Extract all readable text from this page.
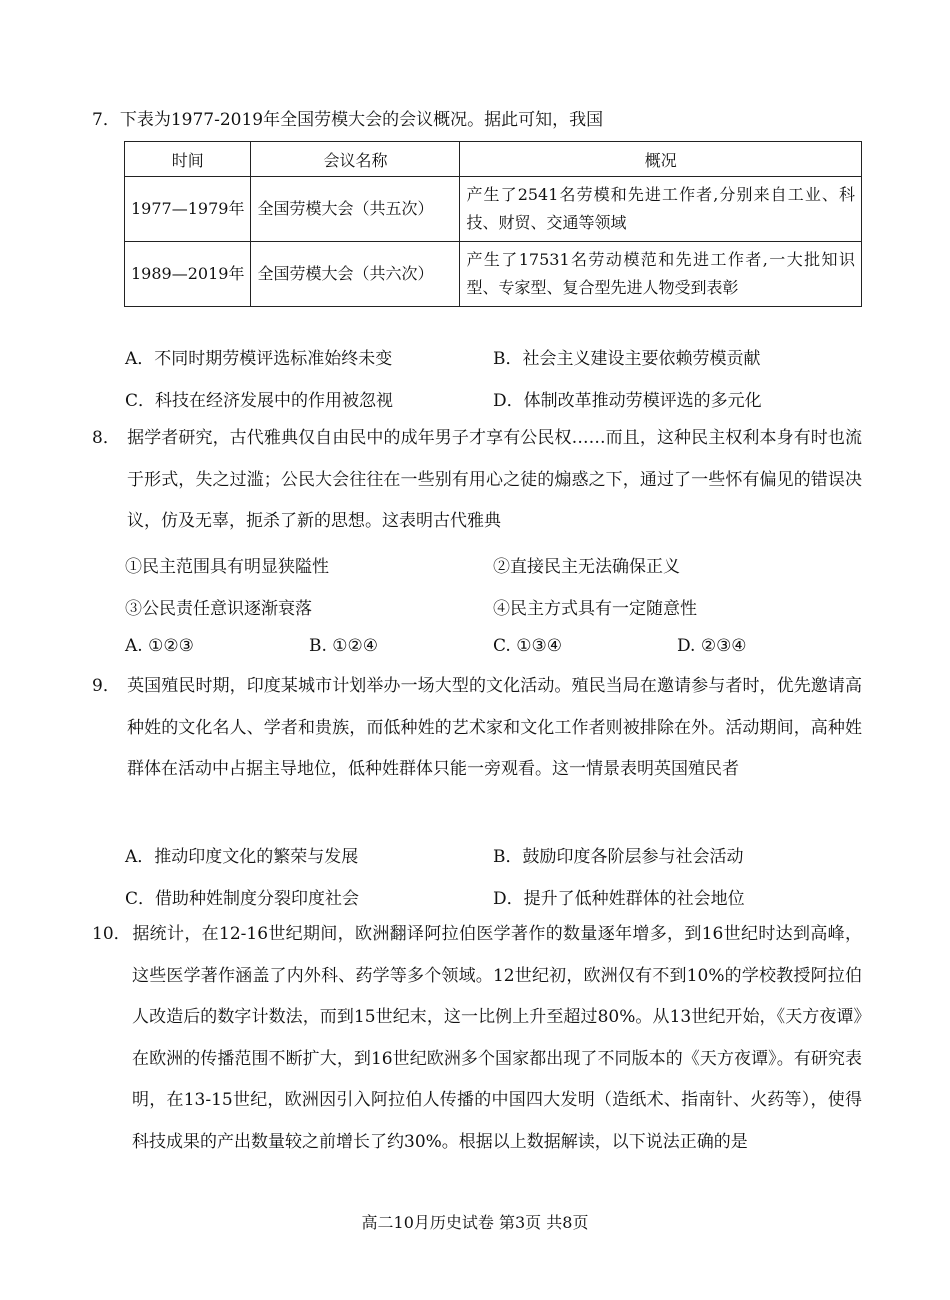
7．下表为1977-2019年全国劳模大会的会议概况。据此可知，我国
时间	会议名称	概况
1977—1979年	全国劳模大会（共五次）	产生了2541名劳模和先进工作者,分别来自工业、科技、财贸、交通等领域
1989—2019年	全国劳模大会（共六次）	产生了17531名劳动模范和先进工作者,一大批知识型、专家型、复合型先进人物受到表彰
A．不同时期劳模评选标准始终未变	B．社会主义建设主要依赖劳模贡献
C．科技在经济发展中的作用被忽视	D．体制改革推动劳模评选的多元化
8． 据学者研究，古代雅典仅自由民中的成年男子才享有公民权……而且，这种民主权利本身有时也流于形式，失之过滥；公民大会往往在一些别有用心之徒的煽惑之下，通过了一些怀有偏见的错误决议，仿及无辜，扼杀了新的思想。这表明古代雅典
①民主范围具有明显狭隘性	②直接民主无法确保正义
③公民责任意识逐渐衰落	④民主方式具有一定随意性
A. ①②③	B. ①②④	C. ①③④	D. ②③④
9． 英国殖民时期，印度某城市计划举办一场大型的文化活动。殖民当局在邀请参与者时，优先邀请高种姓的文化名人、学者和贵族，而低种姓的艺术家和文化工作者则被排除在外。活动期间，高种姓群体在活动中占据主导地位，低种姓群体只能一旁观看。这一情景表明英国殖民者
A．推动印度文化的繁荣与发展	B．鼓励印度各阶层参与社会活动
C．借助种姓制度分裂印度社会	D．提升了低种姓群体的社会地位
10．据统计，在12-16世纪期间，欧洲翻译阿拉伯医学著作的数量逐年增多，到16世纪时达到高峰，这些医学著作涵盖了内外科、药学等多个领域。12世纪初，欧洲仅有不到10%的学校教授阿拉伯人改造后的数字计数法，而到15世纪末，这一比例上升至超过80%。从13世纪开始，《天方夜谭》在欧洲的传播范围不断扩大，到16世纪欧洲多个国家都出现了不同版本的《天方夜谭》。有研究表明，在13-15世纪，欧洲因引入阿拉伯人传播的中国四大发明（造纸术、指南针、火药等），使得科技成果的产出数量较之前增长了约30%。根据以上数据解读，以下说法正确的是
高二10月历史试卷 第3页 共8页
